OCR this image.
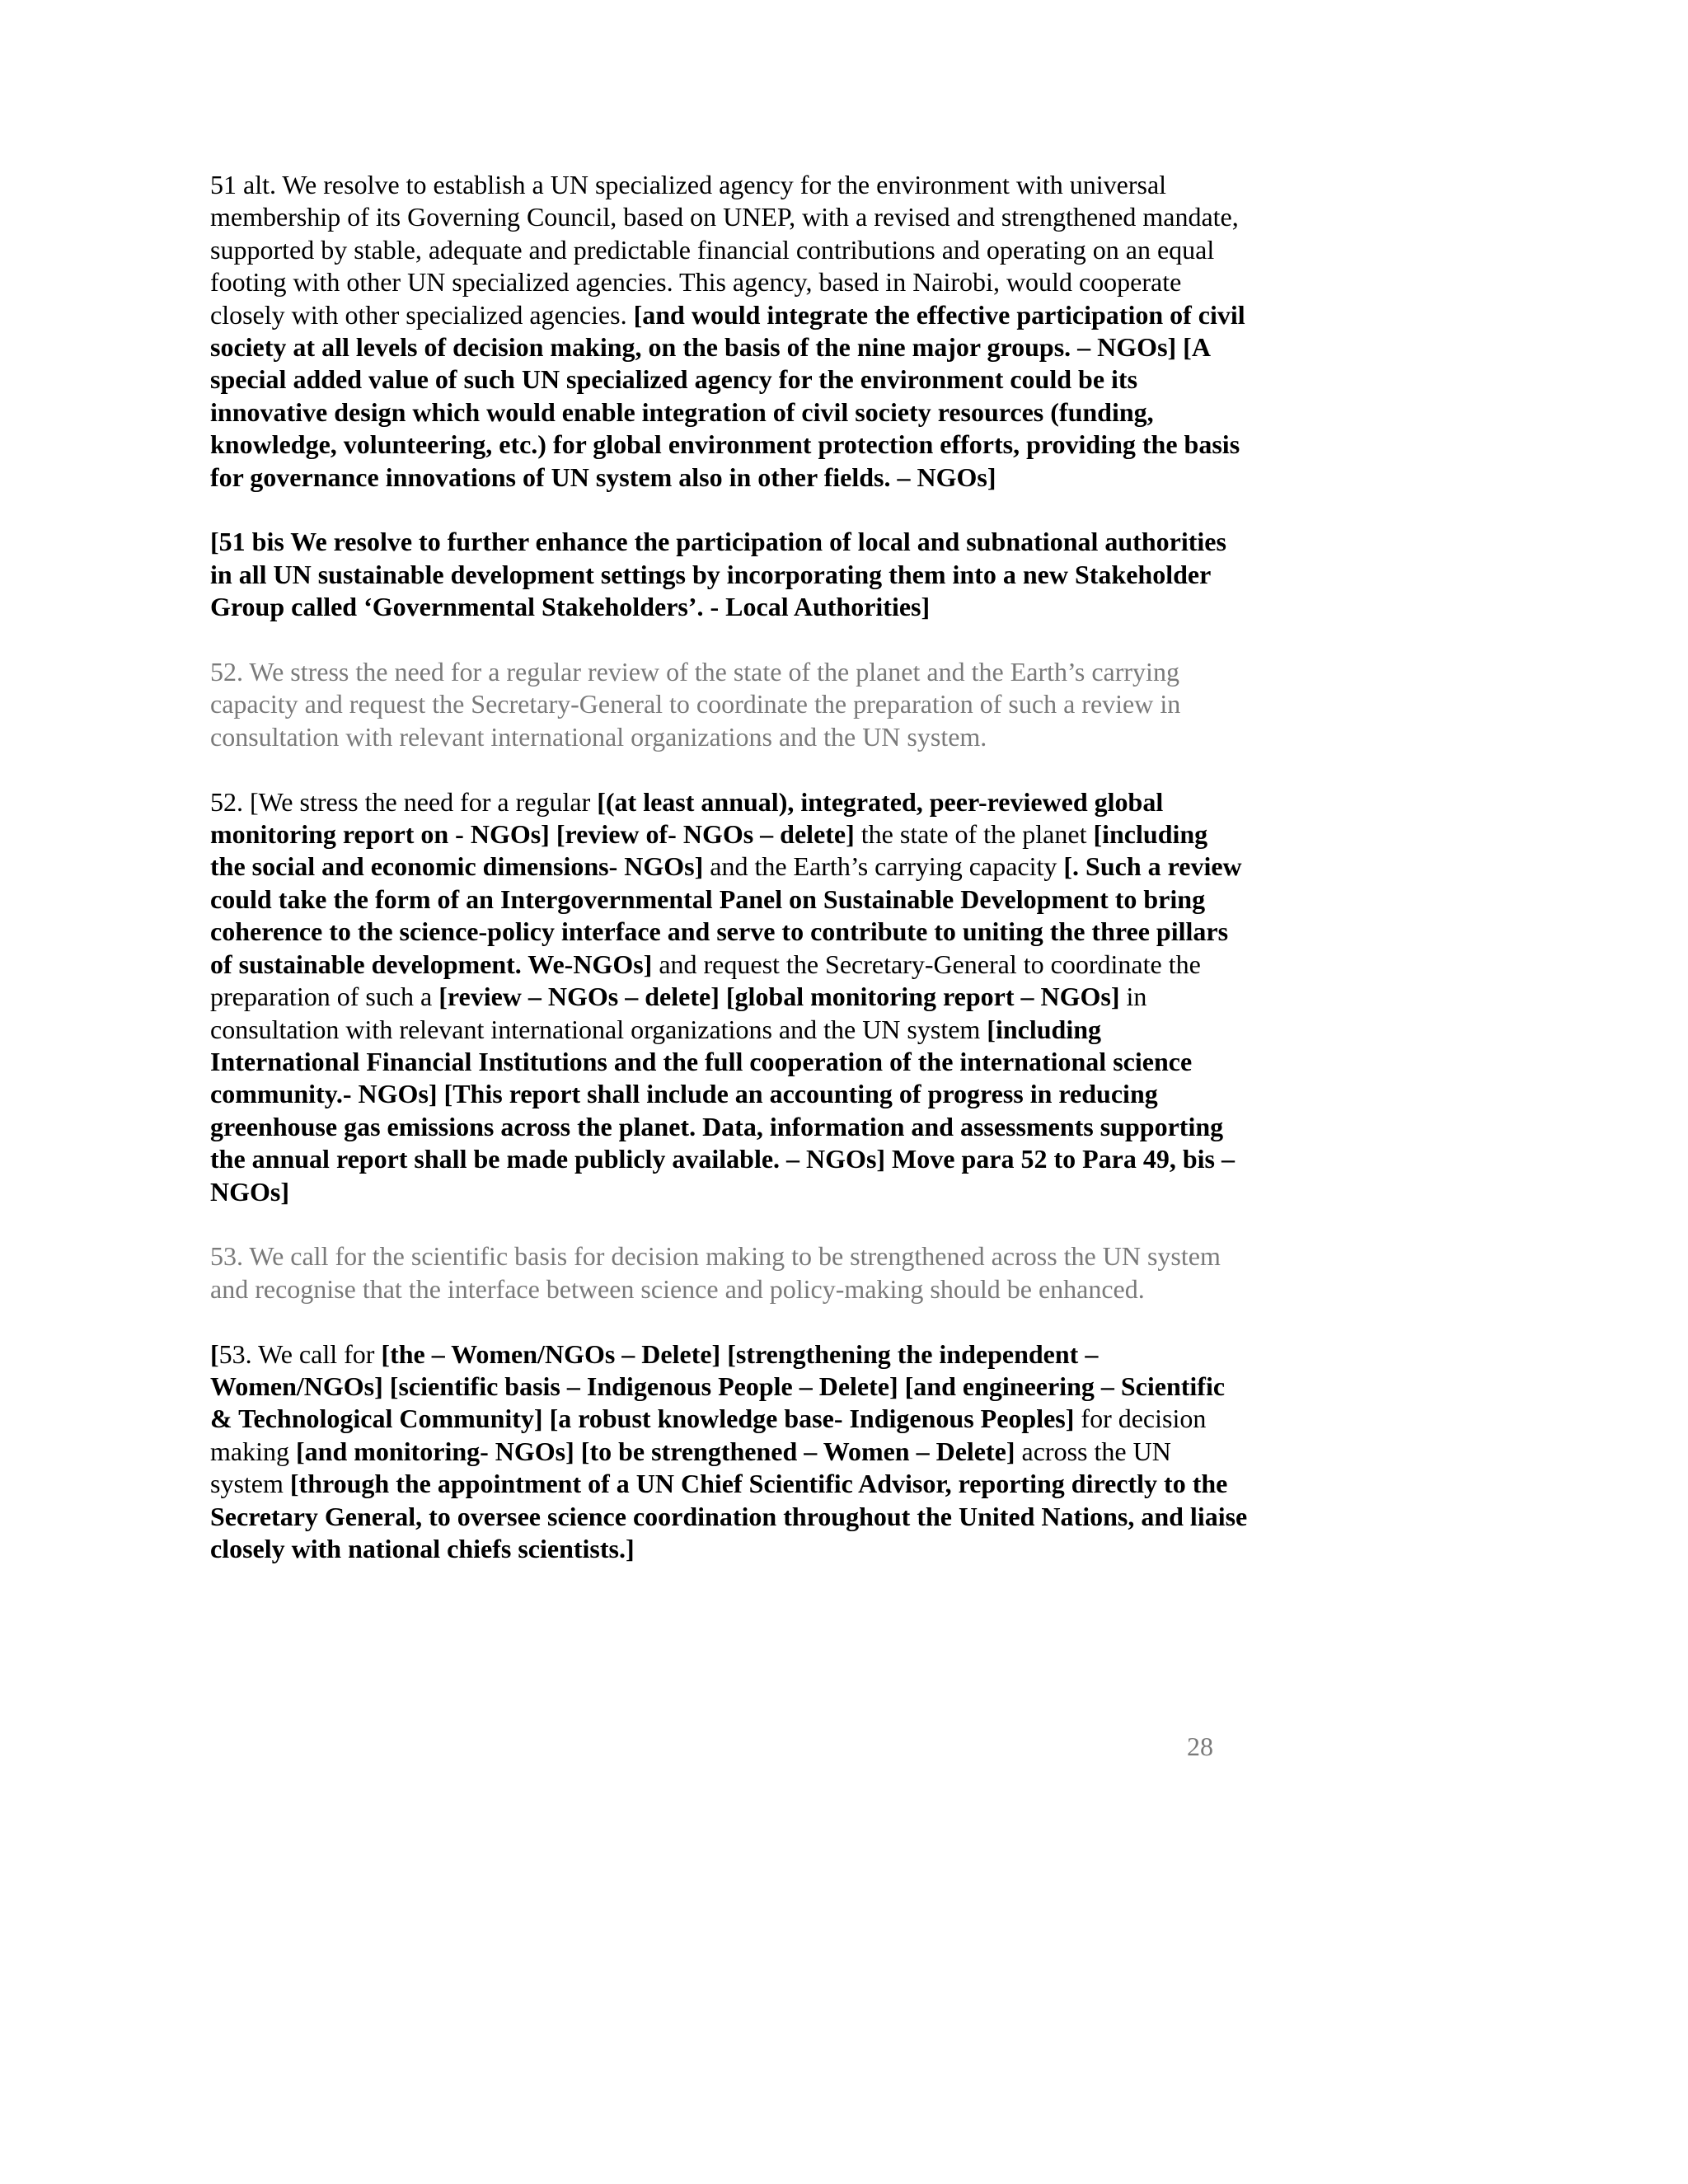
51 alt. We resolve to establish a UN specialized agency for the environment with universal membership of its Governing Council, based on UNEP, with a revised and strengthened mandate, supported by stable, adequate and predictable financial contributions and operating on an equal footing with other UN specialized agencies. This agency, based in Nairobi, would cooperate closely with other specialized agencies. [and would integrate the effective participation of civil society at all levels of decision making, on the basis of the nine major groups. – NGOs] [A special added value of such UN specialized agency for the environment could be its innovative design which would enable integration of civil society resources (funding, knowledge, volunteering, etc.) for global environment protection efforts, providing the basis for governance innovations of UN system also in other fields. – NGOs]

[51 bis We resolve to further enhance the participation of local and subnational authorities in all UN sustainable development settings by incorporating them into a new Stakeholder Group called ‘Governmental Stakeholders’. - Local Authorities]

52. We stress the need for a regular review of the state of the planet and the Earth’s carrying capacity and request the Secretary-General to coordinate the preparation of such a review in consultation with relevant international organizations and the UN system.

52. [We stress the need for a regular [(at least annual), integrated, peer-reviewed global monitoring report on - NGOs] [review of- NGOs – delete] the state of the planet [including the social and economic dimensions- NGOs] and the Earth’s carrying capacity [. Such a review could take the form of an Intergovernmental Panel on Sustainable Development to bring coherence to the science-policy interface and serve to contribute to uniting the three pillars of sustainable development. We-NGOs] and request the Secretary-General to coordinate the preparation of such a [review – NGOs – delete] [global monitoring report – NGOs] in consultation with relevant international organizations and the UN system [including International Financial Institutions and the full cooperation of the international science community.- NGOs] [This report shall include an accounting of progress in reducing greenhouse gas emissions across the planet. Data, information and assessments supporting the annual report shall be made publicly available. – NGOs] Move para 52 to Para 49, bis – NGOs]

53. We call for the scientific basis for decision making to be strengthened across the UN system and recognise that the interface between science and policy-making should be enhanced.

[53. We call for [the – Women/NGOs – Delete] [strengthening the independent – Women/NGOs] [scientific basis – Indigenous People – Delete] [and engineering – Scientific & Technological Community] [a robust knowledge base- Indigenous Peoples] for decision making [and monitoring- NGOs] [to be strengthened – Women – Delete] across the UN system [through the appointment of a UN Chief Scientific Advisor, reporting directly to the Secretary General, to oversee science coordination throughout the United Nations, and liaise closely with national chiefs scientists.]

28
